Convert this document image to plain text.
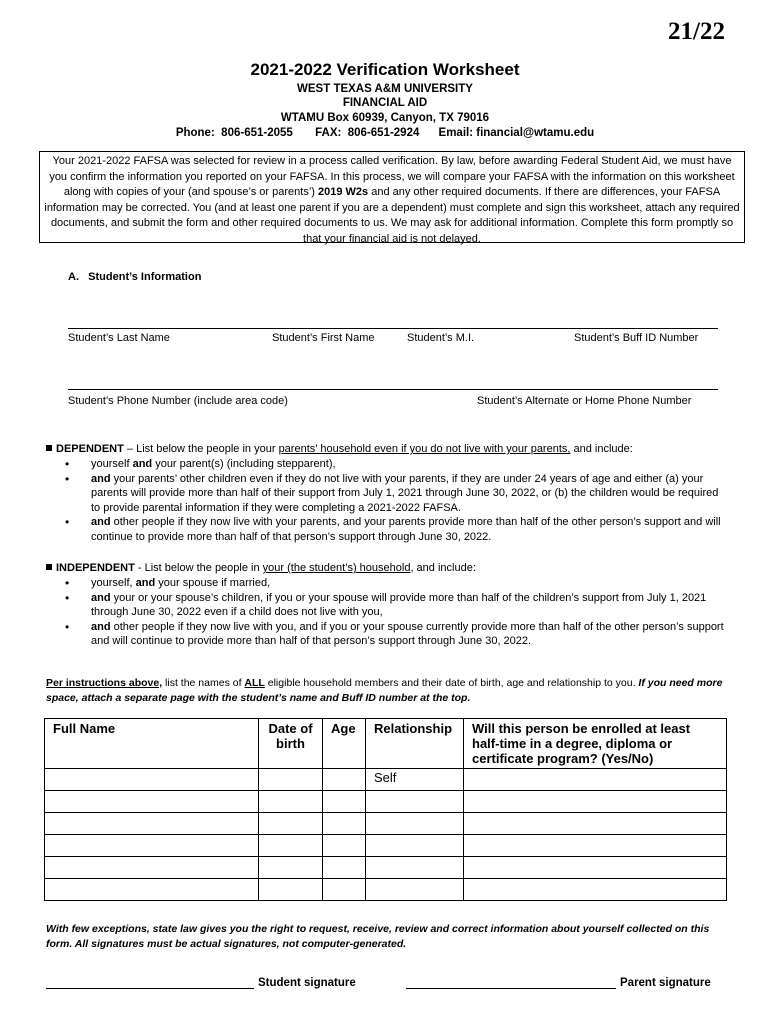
21/22
2021-2022 Verification Worksheet
WEST TEXAS A&M UNIVERSITY
FINANCIAL AID
WTAMU Box 60939, Canyon, TX 79016
Phone:  806-651-2055       FAX:  806-651-2924      Email: financial@wtamu.edu
Your 2021-2022 FAFSA was selected for review in a process called verification. By law, before awarding Federal Student Aid, we must have you confirm the information you reported on your FAFSA. In this process, we will compare your FAFSA with the information on this worksheet along with copies of your (and spouse’s or parents’) 2019 W2s and any other required documents. If there are differences, your FAFSA information may be corrected. You (and at least one parent if you are a dependent) must complete and sign this worksheet, attach any required documents, and submit the form and other required documents to us. We may ask for additional information. Complete this form promptly so that your financial aid is not delayed.
A.   Student’s Information
Student’s Last Name	Student’s First Name	Student’s M.I.	Student’s Buff ID Number
Student’s Phone Number (include area code)	Student’s Alternate or Home Phone Number
DEPENDENT – List below the people in your parents’ household even if you do not live with your parents, and include:
• yourself and your parent(s) (including stepparent),
• and your parents’ other children even if they do not live with your parents, if they are under 24 years of age and either (a) your parents will provide more than half of their support from July 1, 2021 through June 30, 2022, or (b) the children would be required to provide parental information if they were completing a 2021-2022 FAFSA.
• and other people if they now live with your parents, and your parents provide more than half of the other person’s support and will continue to provide more than half of that person’s support through June 30, 2022.
INDEPENDENT - List below the people in your (the student’s) household, and include:
• yourself, and your spouse if married,
• and your or your spouse’s children, if you or your spouse will provide more than half of the children’s support from July 1, 2021 through June 30, 2022 even if a child does not live with you,
• and other people if they now live with you, and if you or your spouse currently provide more than half of the other person’s support and will continue to provide more than half of that person’s support through June 30, 2022.
Per instructions above, list the names of ALL eligible household members and their date of birth, age and relationship to you. If you need more space, attach a separate page with the student’s name and Buff ID number at the top.
Full Name	Date of birth	Age	Relationship	Will this person be enrolled at least half-time in a degree, diploma or certificate program? (Yes/No)
			Self	

With few exceptions, state law gives you the right to request, receive, review and correct information about yourself collected on this form. All signatures must be actual signatures, not computer-generated.
Student signature	Parent signature
